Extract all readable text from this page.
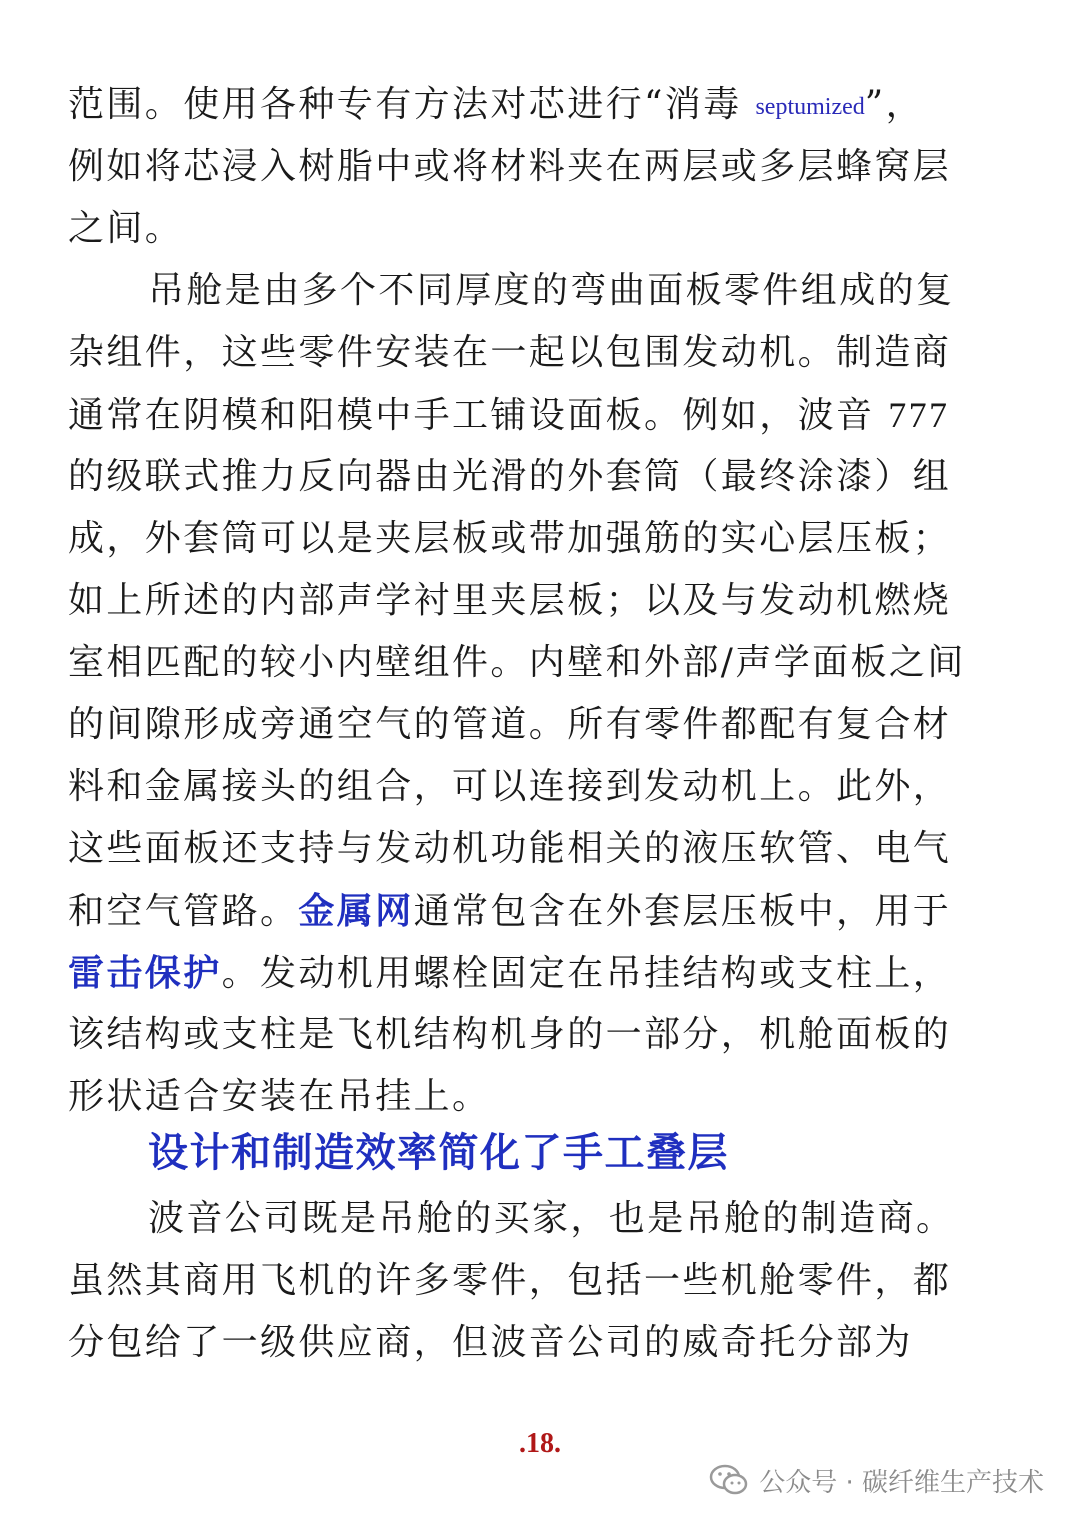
范围。使用各种专有方法对芯进行“消毒 septumized”，
例如将芯浸入树脂中或将材料夹在两层或多层蜂窝层
之间。
吊舱是由多个不同厚度的弯曲面板零件组成的复
杂组件，这些零件安装在一起以包围发动机。制造商
通常在阴模和阳模中手工铺设面板。例如，波音 777
的级联式推力反向器由光滑的外套筒（最终涂漆）组
成，外套筒可以是夹层板或带加强筋的实心层压板；
如上所述的内部声学衬里夹层板；以及与发动机燃烧
室相匹配的较小内壁组件。内壁和外部/声学面板之间
的间隙形成旁通空气的管道。所有零件都配有复合材
料和金属接头的组合，可以连接到发动机上。此外，
这些面板还支持与发动机功能相关的液压软管、电气
和空气管路。金属网通常包含在外套层压板中，用于
雷击保护。发动机用螺栓固定在吊挂结构或支柱上，
该结构或支柱是飞机结构机身的一部分，机舱面板的
形状适合安装在吊挂上。
设计和制造效率简化了手工叠层
波音公司既是吊舱的买家，也是吊舱的制造商。
虽然其商用飞机的许多零件，包括一些机舱零件，都
分包给了一级供应商，但波音公司的威奇托分部为
.18.
公众号 · 碳纤维生产技术
